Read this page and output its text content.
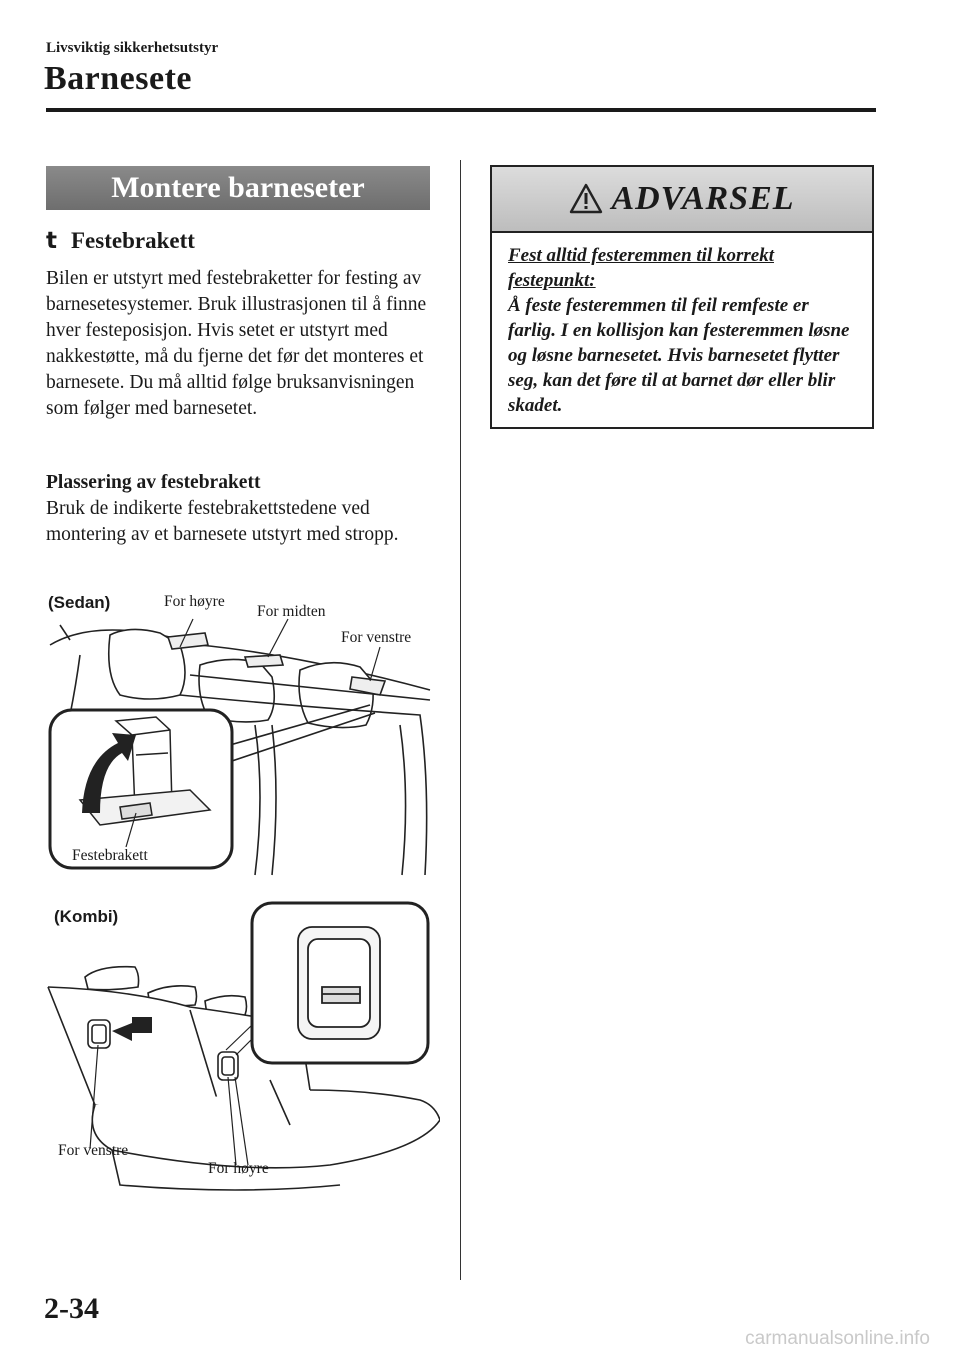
Livsviktig sikkerhetsutstyr
Barnesete
Montere barneseter
t Festebrakett
Bilen er utstyrt med festebraketter for festing av barnesetesystemer. Bruk illustrasjonen til å finne hver festeposisjon. Hvis setet er utstyrt med nakkestøtte, må du fjerne det før det monteres et barnesete. Du må alltid følge bruksanvisningen som følger med barnesetet.
Plassering av festebrakett
Bruk de indikerte festebrakettstedene ved montering av et barnesete utstyrt med stropp.
(Sedan)	For høyre
For midten
For venstre
Festebrakett
(Kombi)
For venstre
For høyre
ADVARSEL
Fest alltid festeremmen til korrekt festepunkt:
Å feste festeremmen til feil remfeste er farlig. I en kollisjon kan festeremmen løsne og løsne barnesetet. Hvis barnesetet flytter seg, kan det føre til at barnet dør eller blir skadet.
2-34
carmanualsonline.info
